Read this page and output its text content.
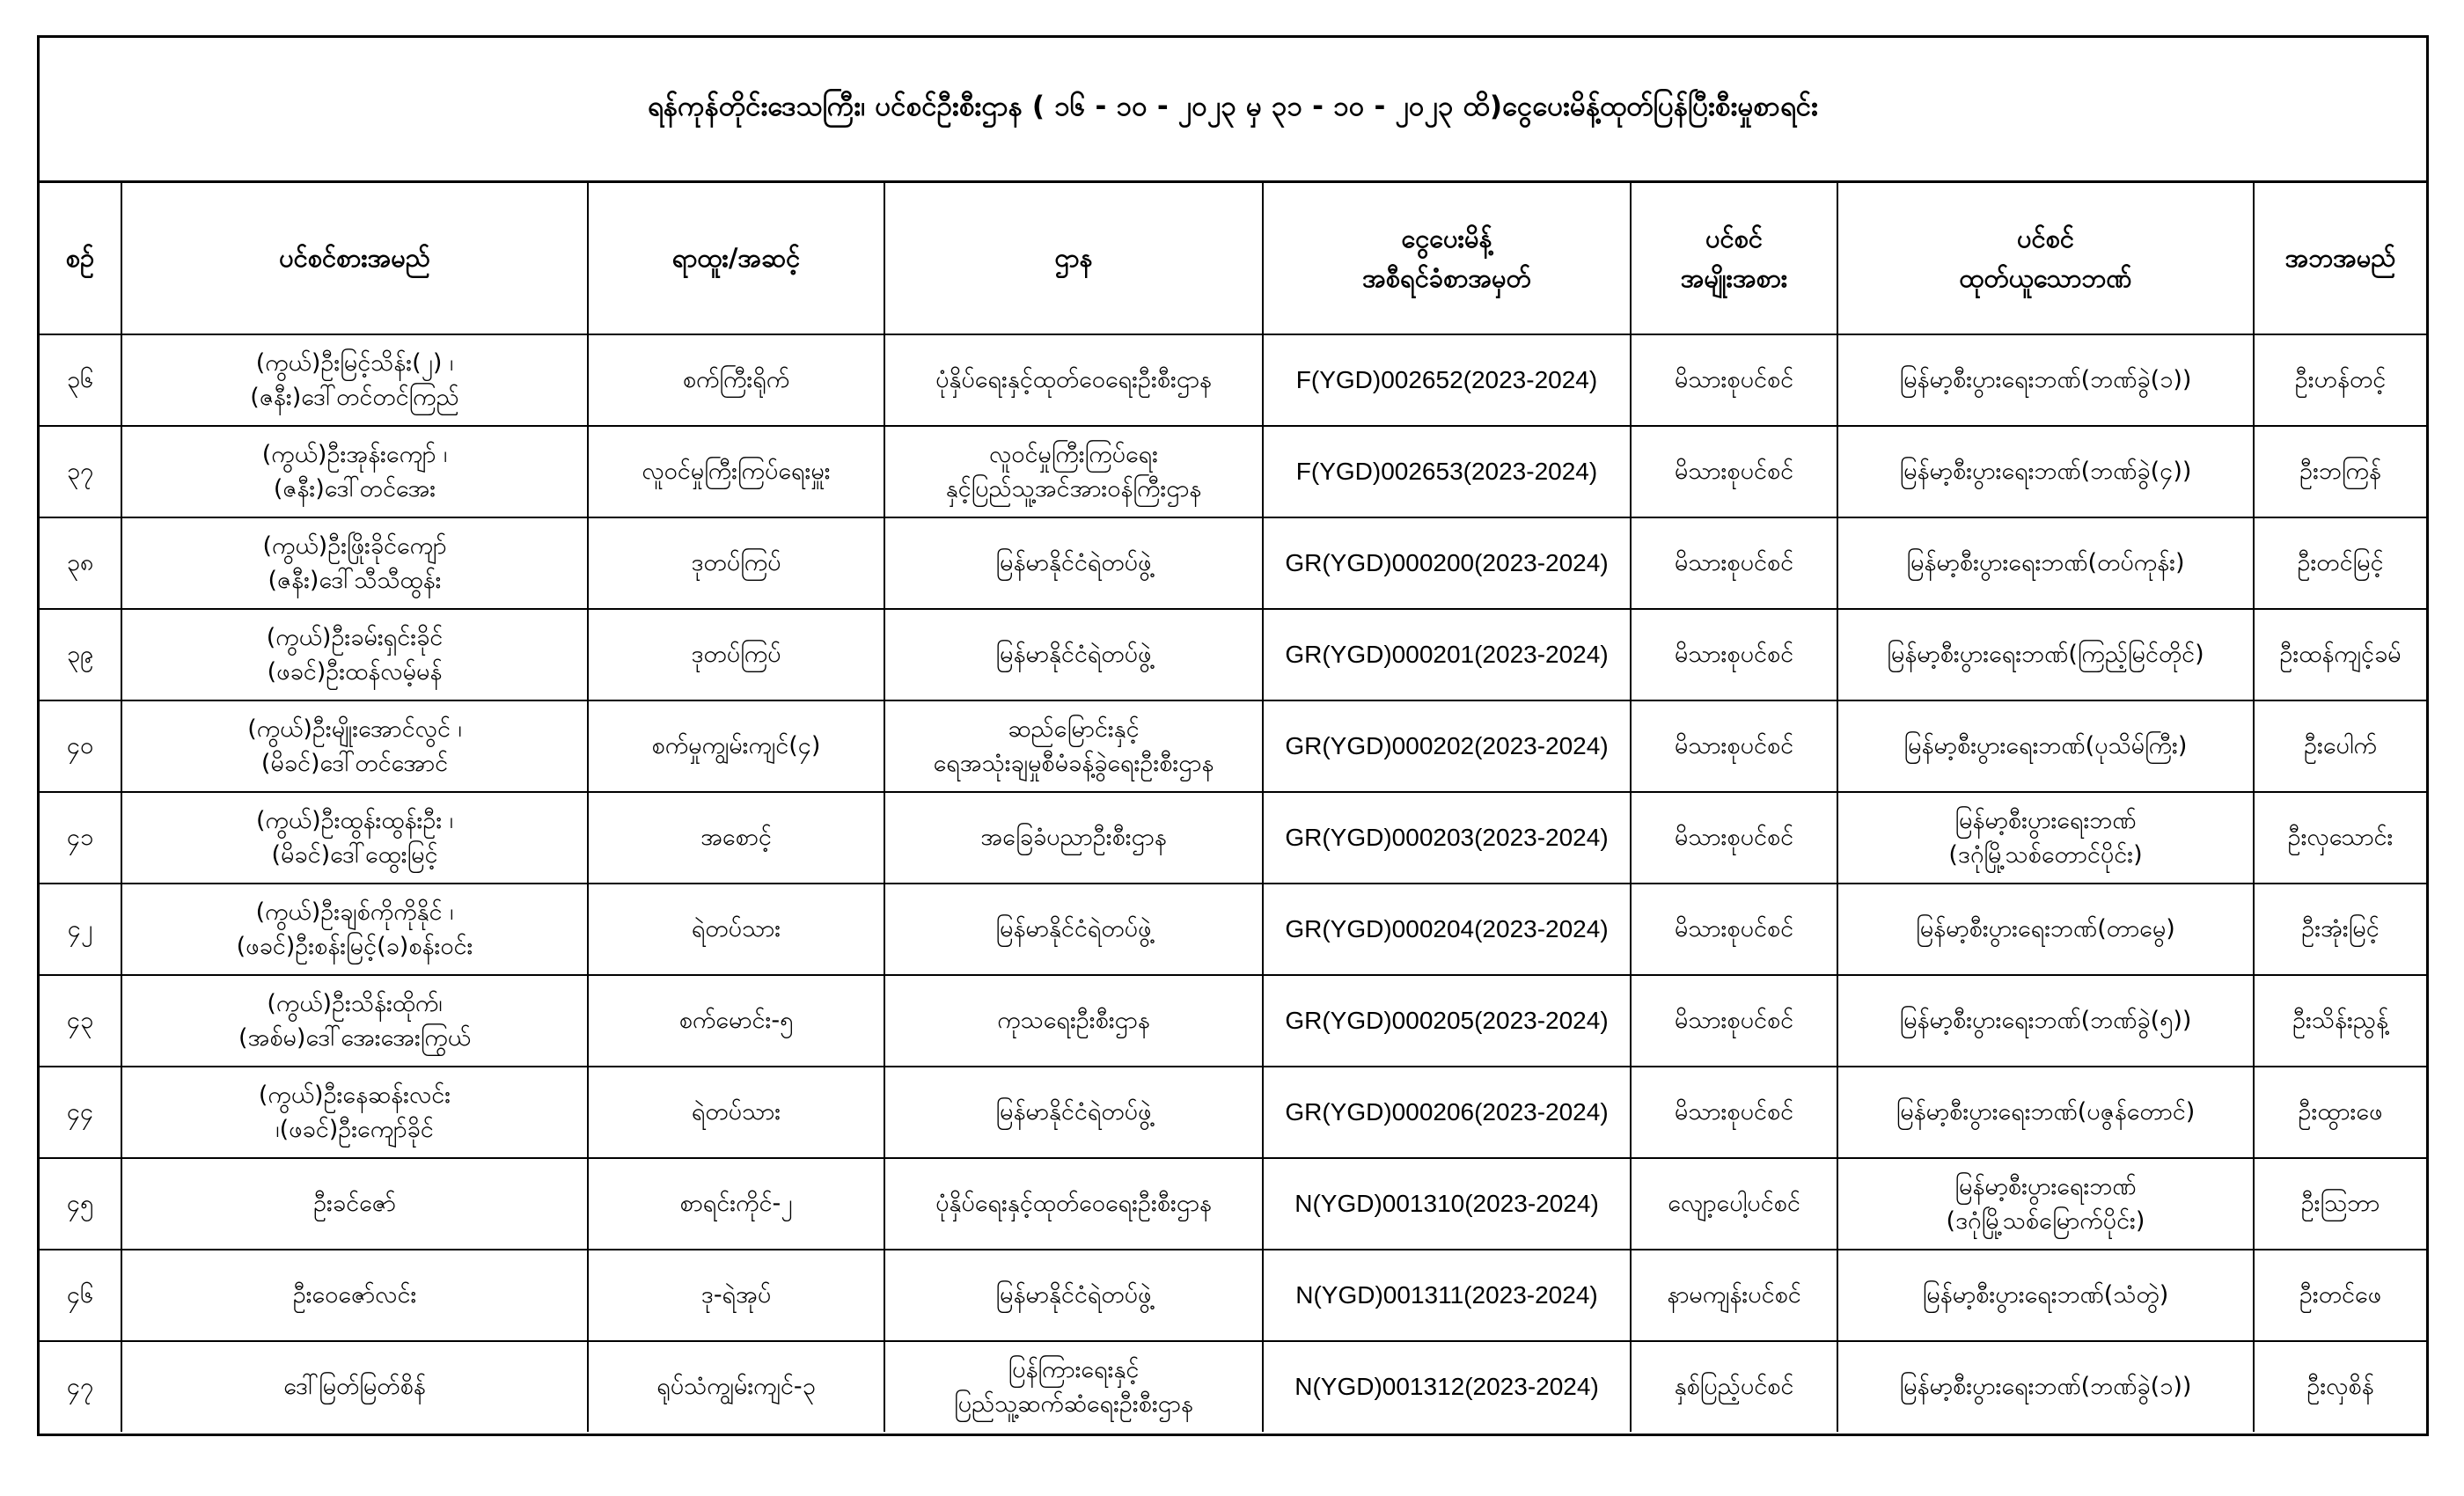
ရန်ကုန်တိုင်းဒေသကြီး၊ ပင်စင်ဦးစီးဌာန ( ၁၆ - ၁၀ - ၂၀၂၃ မှ ၃၁ - ၁၀ - ၂၀၂၃ ထိ)ငွေပေးမိန့်ထုတ်ပြန်ပြီးစီးမှုစာရင်း
စဉ်	ပင်စင်စားအမည်	ရာထူး/အဆင့်	ဌာန	ငွေပေးမိန့်
အစီရင်ခံစာအမှတ်	ပင်စင်
အမျိုးအစား	ပင်စင်
ထုတ်ယူသောဘဏ်	အဘအမည်
၃၆	(ကွယ်)ဦးမြင့်သိန်း(၂) ၊
(ဇနီး)ဒေါ်တင်တင်ကြည်	စက်ကြီးရိုက်	ပုံနှိပ်ရေးနှင့်ထုတ်ဝေရေးဦးစီးဌာန	F(YGD)002652(2023-2024)	မိသားစုပင်စင်	မြန်မာ့စီးပွားရေးဘဏ်(ဘဏ်ခွဲ(၁))	ဦးဟန်တင့်
၃၇	(ကွယ်)ဦးအုန်းကျော် ၊
(ဇနီး)ဒေါ်တင်အေး	လူဝင်မှုကြီးကြပ်ရေးမှူး	လူဝင်မှုကြီးကြပ်ရေး
နှင့်ပြည်သူ့အင်အားဝန်ကြီးဌာန	F(YGD)002653(2023-2024)	မိသားစုပင်စင်	မြန်မာ့စီးပွားရေးဘဏ်(ဘဏ်ခွဲ(၄))	ဦးဘကြန်
၃၈	(ကွယ်)ဦးဖြိုးခိုင်ကျော်
(ဇနီး)ဒေါ်သီသီထွန်း	ဒုတပ်ကြပ်	မြန်မာနိုင်ငံရဲတပ်ဖွဲ့	GR(YGD)000200(2023-2024)	မိသားစုပင်စင်	မြန်မာ့စီးပွားရေးဘဏ်(တပ်ကုန်း)	ဦးတင်မြင့်
၃၉	(ကွယ်)ဦးခမ်းရှင်းခိုင်
(ဖခင်)ဦးထန်လမ့်မန်	ဒုတပ်ကြပ်	မြန်မာနိုင်ငံရဲတပ်ဖွဲ့	GR(YGD)000201(2023-2024)	မိသားစုပင်စင်	မြန်မာ့စီးပွားရေးဘဏ်(ကြည့်မြင်တိုင်)	ဦးထန်ကျင့်ခမ်
၄၀	(ကွယ်)ဦးမျိုးအောင်လွင် ၊
(မိခင်)ဒေါ်တင်အောင်	စက်မှုကျွမ်းကျင်(၄)	ဆည်မြောင်းနှင့်
ရေအသုံးချမှုစီမံခန့်ခွဲရေးဦးစီးဌာန	GR(YGD)000202(2023-2024)	မိသားစုပင်စင်	မြန်မာ့စီးပွားရေးဘဏ်(ပုသိမ်ကြီး)	ဦးပေါက်
၄၁	(ကွယ်)ဦးထွန်းထွန်းဦး ၊
(မိခင်)ဒေါ်ထွေးမြင့်	အစောင့်	အခြေခံပညာဦးစီးဌာန	GR(YGD)000203(2023-2024)	မိသားစုပင်စင်	မြန်မာ့စီးပွားရေးဘဏ်
(ဒဂုံမြို့သစ်တောင်ပိုင်း)	ဦးလှသောင်း
၄၂	(ကွယ်)ဦးချစ်ကိုကိုနိုင် ၊
(ဖခင်)ဦးစန်းမြင့်(ခ)စန်းဝင်း	ရဲတပ်သား	မြန်မာနိုင်ငံရဲတပ်ဖွဲ့	GR(YGD)000204(2023-2024)	မိသားစုပင်စင်	မြန်မာ့စီးပွားရေးဘဏ်(တာမွေ)	ဦးအုံးမြင့်
၄၃	(ကွယ်)ဦးသိန်းထိုက်၊
(အစ်မ)ဒေါ်အေးအေးကြွယ်	စက်မောင်း-၅	ကုသရေးဦးစီးဌာန	GR(YGD)000205(2023-2024)	မိသားစုပင်စင်	မြန်မာ့စီးပွားရေးဘဏ်(ဘဏ်ခွဲ(၅))	ဦးသိန်းညွန့်
၄၄	(ကွယ်)ဦးနေဆန်းလင်း
၊(ဖခင်)ဦးကျော်ခိုင်	ရဲတပ်သား	မြန်မာနိုင်ငံရဲတပ်ဖွဲ့	GR(YGD)000206(2023-2024)	မိသားစုပင်စင်	မြန်မာ့စီးပွားရေးဘဏ်(ပဇွန်တောင်)	ဦးထွားဖေ
၄၅	ဦးခင်ဇော်	စာရင်းကိုင်-၂	ပုံနှိပ်ရေးနှင့်ထုတ်ဝေရေးဦးစီးဌာန	N(YGD)001310(2023-2024)	လျော့ပေါ့ပင်စင်	မြန်မာ့စီးပွားရေးဘဏ်
(ဒဂုံမြို့သစ်မြောက်ပိုင်း)	ဦးဩဘာ
၄၆	ဦးဝေဇော်လင်း	ဒု-ရဲအုပ်	မြန်မာနိုင်ငံရဲတပ်ဖွဲ့	N(YGD)001311(2023-2024)	နာမကျန်းပင်စင်	မြန်မာ့စီးပွားရေးဘဏ်(သံတွဲ)	ဦးတင်ဖေ
၄၇	ဒေါ်မြတ်မြတ်စိန်	ရုပ်သံကျွမ်းကျင်-၃	ပြန်ကြားရေးနှင့်
ပြည်သူ့ဆက်ဆံရေးဦးစီးဌာန	N(YGD)001312(2023-2024)	နှစ်ပြည့်ပင်စင်	မြန်မာ့စီးပွားရေးဘဏ်(ဘဏ်ခွဲ(၁))	ဦးလှစိန်
